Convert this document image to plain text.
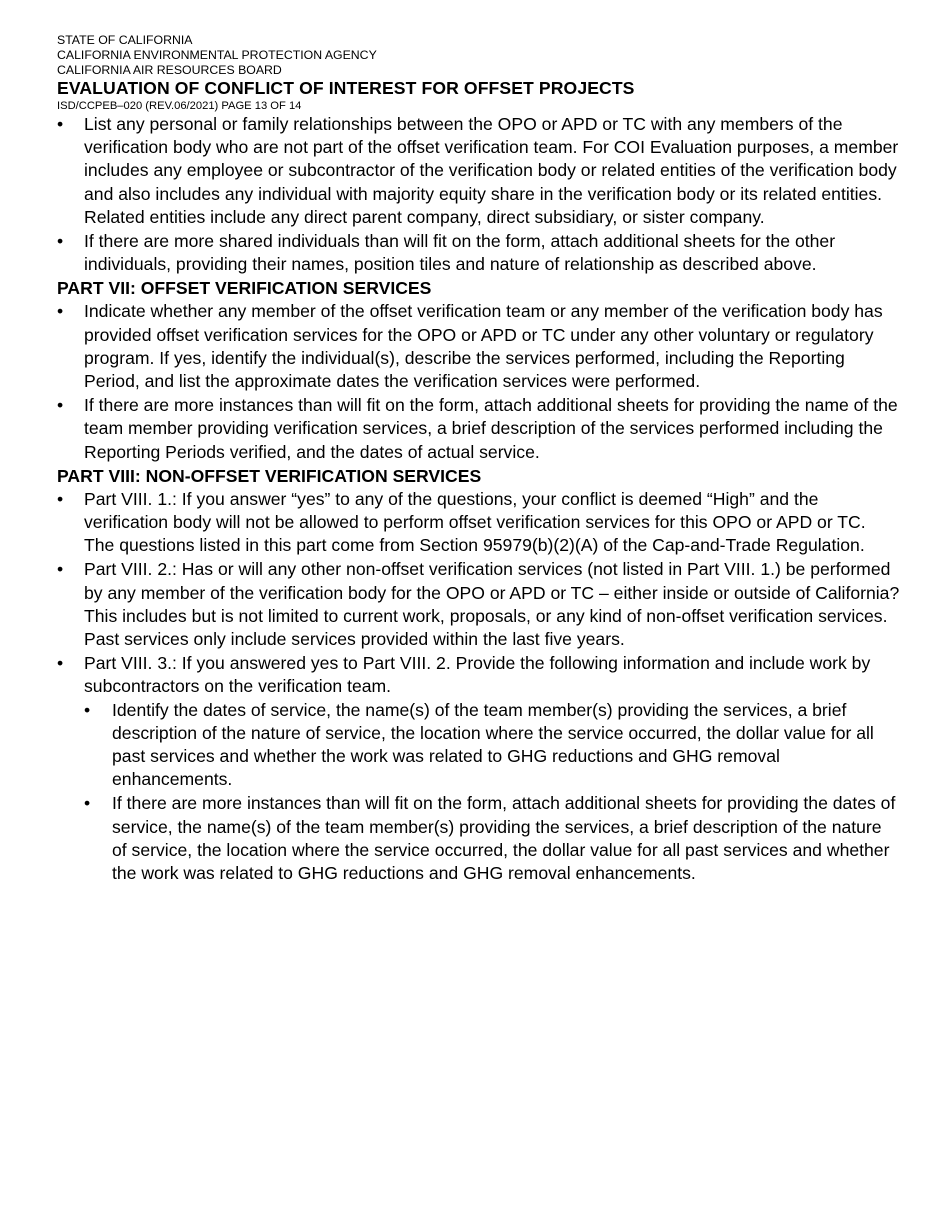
STATE OF CALIFORNIA

CALIFORNIA ENVIRONMENTAL PROTECTION AGENCY

CALIFORNIA AIR RESOURCES BOARD

EVALUATION OF CONFLICT OF INTEREST FOR OFFSET PROJECTS

ISD/CCPEB–020 (REV.06/2021) PAGE 13 OF 14

• List any personal or family relationships between the OPO or APD or TC with any members of the verification body who are not part of the offset verification team. For COI Evaluation purposes, a member includes any employee or subcontractor of the verification body or related entities of the verification body and also includes any individual with majority equity share in the verification body or its related entities. Related entities include any direct parent company, direct subsidiary, or sister company.
• If there are more shared individuals than will fit on the form, attach additional sheets for the other individuals, providing their names, position tiles and nature of relationship as described above.
PART VII: OFFSET VERIFICATION SERVICES
• Indicate whether any member of the offset verification team or any member of the verification body has provided offset verification services for the OPO or APD or TC under any other voluntary or regulatory program. If yes, identify the individual(s), describe the services performed, including the Reporting Period, and list the approximate dates the verification services were performed.
• If there are more instances than will fit on the form, attach additional sheets for providing the name of the team member providing verification services, a brief description of the services performed including the Reporting Periods verified, and the dates of actual service.
PART VIII: NON-OFFSET VERIFICATION SERVICES
• Part VIII. 1.: If you answer “yes” to any of the questions, your conflict is deemed “High” and the verification body will not be allowed to perform offset verification services for this OPO or APD or TC. The questions listed in this part come from Section 95979(b)(2)(A) of the Cap-and-Trade Regulation.
• Part VIII. 2.: Has or will any other non-offset verification services (not listed in Part VIII. 1.) be performed by any member of the verification body for the OPO or APD or TC – either inside or outside of California? This includes but is not limited to current work, proposals, or any kind of non-offset verification services. Past services only include services provided within the last five years.
• Part VIII. 3.: If you answered yes to Part VIII. 2. Provide the following information and include work by subcontractors on the verification team.
• Identify the dates of service, the name(s) of the team member(s) providing the services, a brief description of the nature of service, the location where the service occurred, the dollar value for all past services and whether the work was related to GHG reductions and GHG removal enhancements.
• If there are more instances than will fit on the form, attach additional sheets for providing the dates of service, the name(s) of the team member(s) providing the services, a brief description of the nature of service, the location where the service occurred, the dollar value for all past services and whether the work was related to GHG reductions and GHG removal enhancements.
